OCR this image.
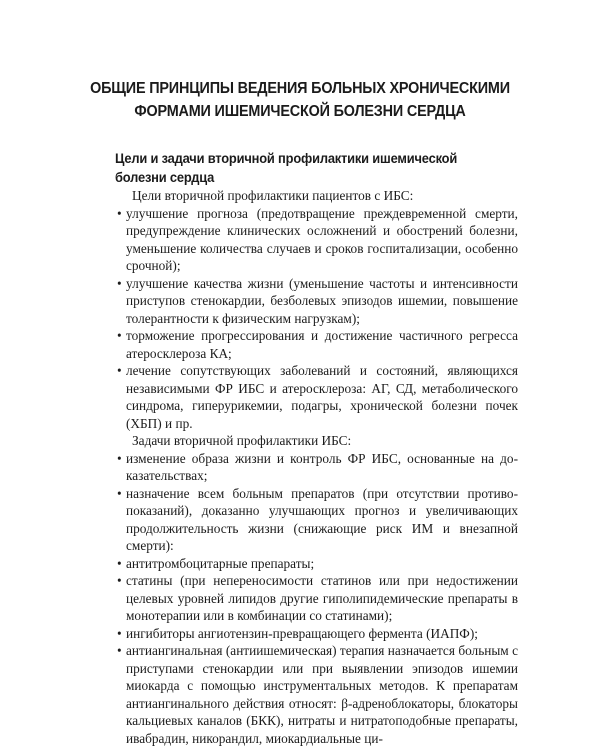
ОБЩИЕ ПРИНЦИПЫ ВЕДЕНИЯ БОЛЬНЫХ ХРОНИЧЕСКИМИ
ФОРМАМИ ИШЕМИЧЕСКОЙ БОЛЕЗНИ СЕРДЦА
Цели и задачи вторичной профилактики ишемической
болезни сердца

Цели вторичной профилактики пациентов с ИБС:

• улучшение прогноза (предотвращение преждевременной смерти, предупреждение клинических осложнений и обострений болезни, уменьшение количества случаев и сроков госпитализации, особенно срочной);
• улучшение качества жизни (уменьшение частоты и интенсивности приступов стенокардии, безболевых эпизодов ишемии, повышение толерантности к физическим нагрузкам);
• торможение прогрессирования и достижение частичного регресса атеросклероза КА;
• лечение сопутствующих заболеваний и состояний, являющихся независимыми ФР ИБС и атеросклероза: АГ, СД, метаболического синдрома, гиперурикемии, подагры, хронической болезни почек (ХБП) и пр.

Задачи вторичной профилактики ИБС:

• изменение образа жизни и контроль ФР ИБС, основанные на доказательствах;
• назначение всем больным препаратов (при отсутствии противопоказаний), доказанно улучшающих прогноз и увеличивающих продолжительность жизни (снижающие риск ИМ и внезапной смерти):
• антитромбоцитарные препараты;
• статины (при непереносимости статинов или при недостижении целевых уровней липидов другие гиполипидемические препараты в монотерапии или в комбинации со статинами);
• ингибиторы ангиотензин-превращающего фермента (ИАПФ);
• антиангинальная (антиишемическая) терапия назначается больным с приступами стенокардии или при выявлении эпизодов ишемии миокарда с помощью инструментальных методов. К препаратам антиангинального действия относят: β-адреноблокаторы, блокаторы кальциевых каналов (БКК), нитраты и нитратоподобные препараты, ивабрадин, никорандил, миокардиальные ци-
